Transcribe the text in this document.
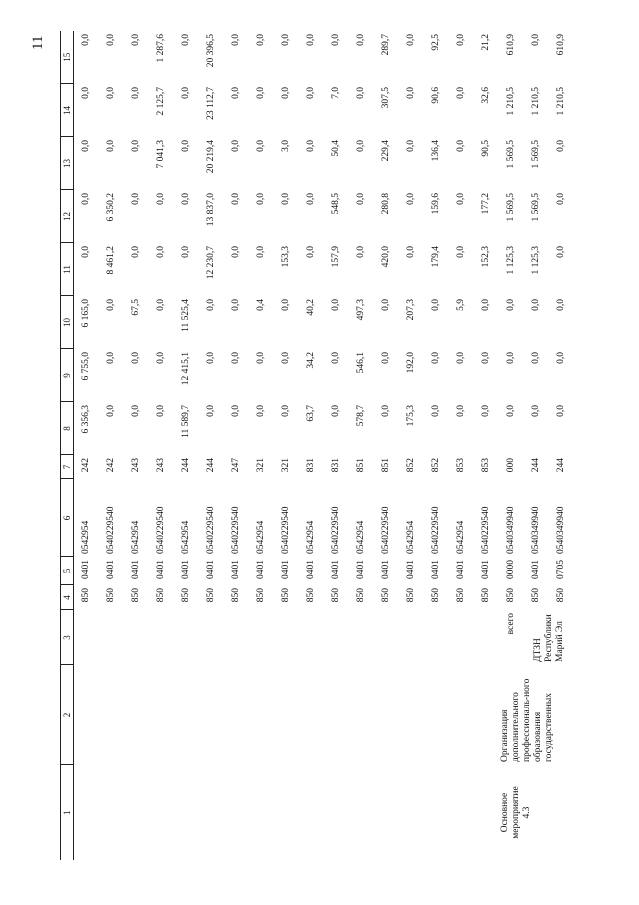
11
1	2	3	4	5	6	7	8	9	10	11	12	13	14	15
			850	0401	0542954	242	6 356,3	6 755,0	6 165,0	0,0	0,0	0,0	0,0	0,0
			850	0401	0540229540	242	0,0	0,0	0,0	8 461,2	6 350,2	0,0	0,0	0,0
			850	0401	0542954	243	0,0	0,0	67,5	0,0	0,0	0,0	0,0	0,0
			850	0401	0540229540	243	0,0	0,0	0,0	0,0	0,0	7 041,3	2 125,7	1 287,6
			850	0401	0542954	244	11 589,7	12 415,1	11 525,4	0,0	0,0	0,0	0,0	0,0
			850	0401	0540229540	244	0,0	0,0	0,0	12 230,7	13 837,0	20 219,4	23 112,7	20 396,5
			850	0401	0540229540	247	0,0	0,0	0,0	0,0	0,0	0,0	0,0	0,0
			850	0401	0542954	321	0,0	0,0	0,4	0,0	0,0	0,0	0,0	0,0
			850	0401	0540229540	321	0,0	0,0	0,0	153,3	0,0	3,0	0,0	0,0
			850	0401	0542954	831	63,7	34,2	40,2	0,0	0,0	0,0	0,0	0,0
			850	0401	0540229540	831	0,0	0,0	0,0	157,9	548,5	50,4	7,0	0,0
			850	0401	0542954	851	578,7	546,1	497,3	0,0	0,0	0,0	0,0	0,0
			850	0401	0540229540	851	0,0	0,0	0,0	420,0	280,8	229,4	307,5	289,7
			850	0401	0542954	852	175,3	192,0	207,3	0,0	0,0	0,0	0,0	0,0
			850	0401	0540229540	852	0,0	0,0	0,0	179,4	159,6	136,4	90,6	92,5
			850	0401	0542954	853	0,0	0,0	5,9	0,0	0,0	0,0	0,0	0,0
			850	0401	0540229540	853	0,0	0,0	0,0	152,3	177,2	90,5	32,6	21,2

Основное мероприятие 4.3	Организация дополнительного профессиональ-ного образования государственных	всего	850	0000	0540349940	000	0,0	0,0	0,0	1 125,3	1 569,5	1 569,5	1 210,5	610,9
		ДТЗН Республики Марий Эл	850	0401	0540349940	244	0,0	0,0	0,0	1 125,3	1 569,5	1 569,5	1 210,5	0,0
			850	0705	0540349940	244	0,0	0,0	0,0	0,0	0,0	0,0	1 210,5	610,9
